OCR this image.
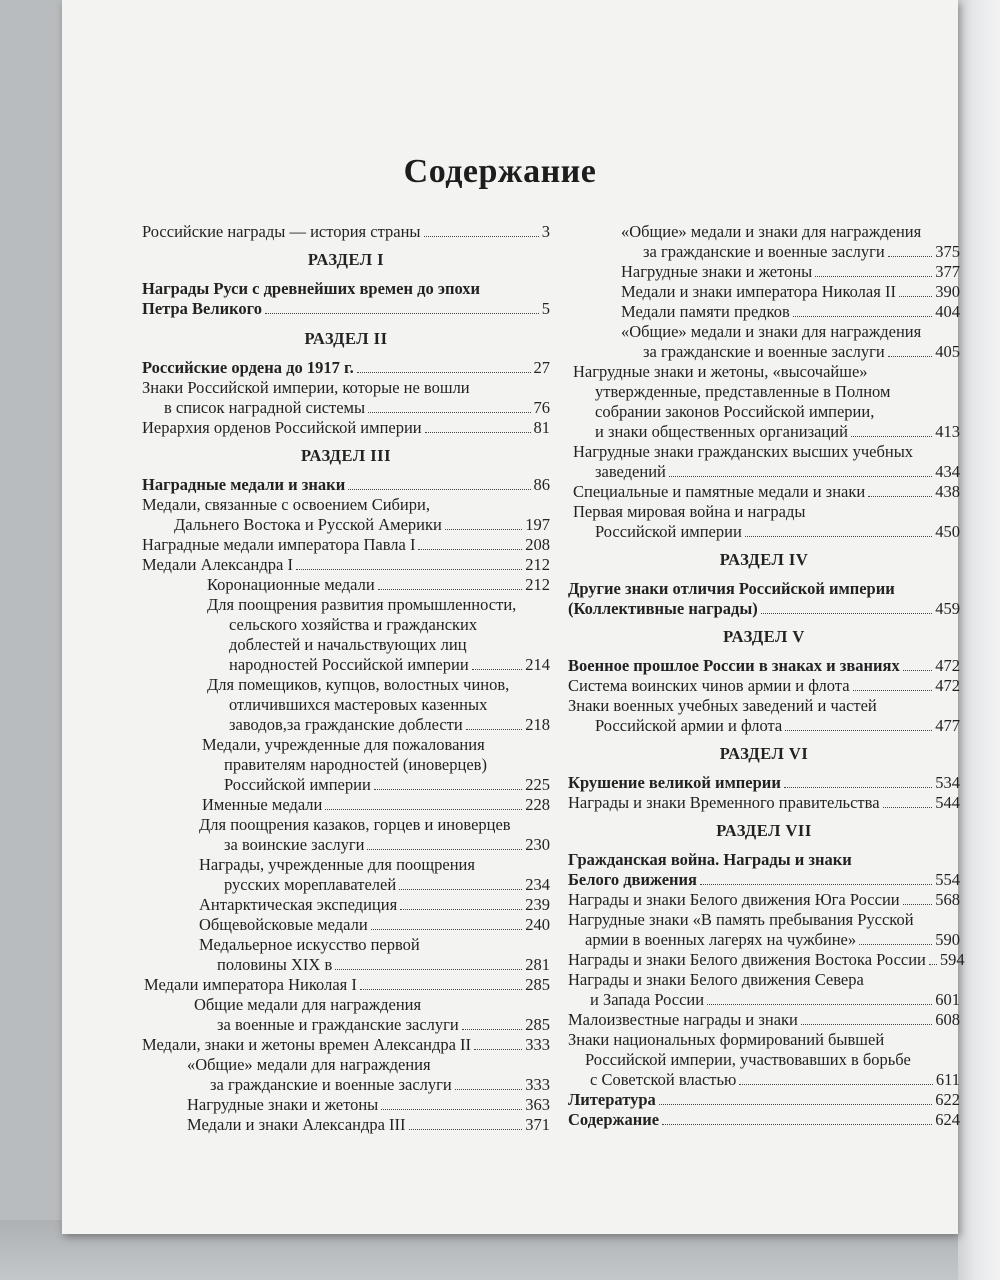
Содержание
Российские награды — история страны	3
РАЗДЕЛ I
Награды Руси с древнейших времен до эпохи
Петра Великого	5
РАЗДЕЛ II
Российские ордена до 1917 г.	27
Знаки Российской империи, которые не вошли
в список наградной системы	76
Иерархия орденов Российской империи	81
РАЗДЕЛ III
Наградные медали и знаки	86
Медали, связанные с освоением Сибири,
Дальнего Востока и Русской Америки	197
Наградные медали императора Павла I	208
Медали Александра I	212
Коронационные медали	212
Для поощрения развития промышленности,
сельского хозяйства и гражданских
доблестей и начальствующих лиц
народностей Российской империи	214
Для помещиков, купцов, волостных чинов,
отличившихся мастеровых казенных
заводов,за гражданские доблести	218
Медали, учрежденные для пожалования
правителям народностей (иноверцев)
Российской империи	225
Именные медали	228
Для поощрения казаков, горцев и иноверцев
за воинские заслуги	230
Награды, учрежденные для поощрения
русских мореплавателей	234
Антарктическая экспедиция	239
Общевойсковые медали	240
Медальерное искусство первой
половины XIX в	281
Медали императора Николая I	285
Общие медали для награждения
за военные и гражданские заслуги	285
Медали, знаки и жетоны времен Александра II	333
«Общие» медали для награждения
за гражданские и военные заслуги	333
Нагрудные знаки и жетоны	363
Медали и знаки Александра III	371
«Общие» медали и знаки для награждения
за гражданские и военные заслуги	375
Нагрудные знаки и жетоны	377
Медали и знаки императора Николая II 390
Медали памяти предков	404
«Общие» медали и знаки для награждения
за гражданские и военные заслуги	405
Нагрудные знаки и жетоны, «высочайше»
утвержденные, представленные в Полном
собрании законов Российской империи,
и знаки общественных организаций	413
Нагрудные знаки гражданских высших учебных
заведений	434
Специальные и памятные медали и знаки	438
Первая мировая война и награды
Российской империи	450
РАЗДЕЛ IV
Другие знаки отличия Российской империи
(Коллективные награды)	459
РАЗДЕЛ V
Военное прошлое России в знаках и званиях 472
Система воинских чинов армии и флота	472
Знаки военных учебных заведений и частей
Российской армии и флота	477
РАЗДЕЛ VI
Крушение великой империи	534
Награды и знаки Временного правительства	544
РАЗДЕЛ VII
Гражданская война. Награды и знаки
Белого движения	554
Награды и знаки Белого движения Юга России 568
Нагрудные знаки «В память пребывания Русской
армии в военных лагерях на чужбине»	590
Награды и знаки Белого движения Востока России 594
Награды и знаки Белого движения Севера
и Запада России	601
Малоизвестные награды и знаки	608
Знаки национальных формирований бывшей
Российской империи, участвовавших в борьбе
с Советской властью	611
Литература	622
Содержание	624
